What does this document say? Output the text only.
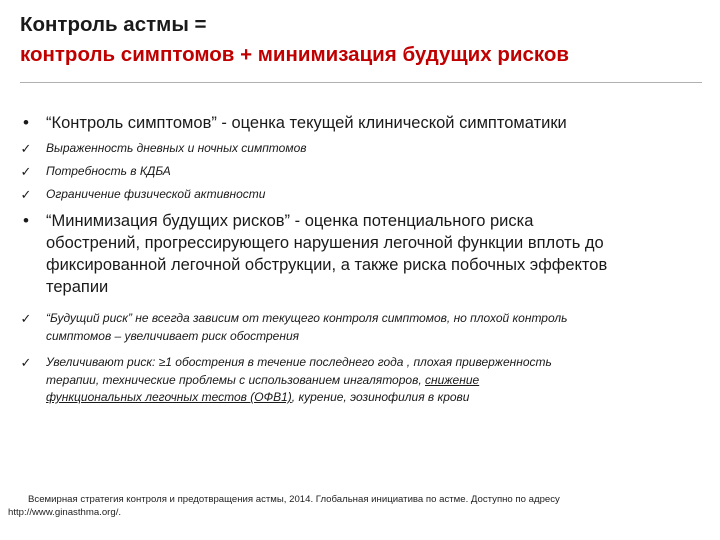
Контроль астмы =
контроль симптомов + минимизация будущих рисков
•	“Контроль симптомов” - оценка текущей клинической симптоматики
✓	Выраженность дневных и ночных симптомов
✓	Потребность в КДБА
✓	Ограничение физической активности
•	“Минимизация будущих рисков” - оценка потенциального риска
обострений, прогрессирующего нарушения легочной функции вплоть до
фиксированной легочной обструкции, а также риска побочных эффектов
терапии
✓	“Будущий риск” не всегда зависим от текущего контроля симптомов, но плохой контроль
симптомов – увеличивает риск обострения
✓	Увеличивают риск: ≥1 обострения в течение последнего года , плохая приверженность
терапии, технические проблемы с использованием ингаляторов, снижение
функциональных легочных тестов (ОФВ1), курение, эозинофилия в крови
Всемирная стратегия контроля и предотвращения астмы, 2014. Глобальная инициатива по астме. Доступно по адресу
http://www.ginasthma.org/.
